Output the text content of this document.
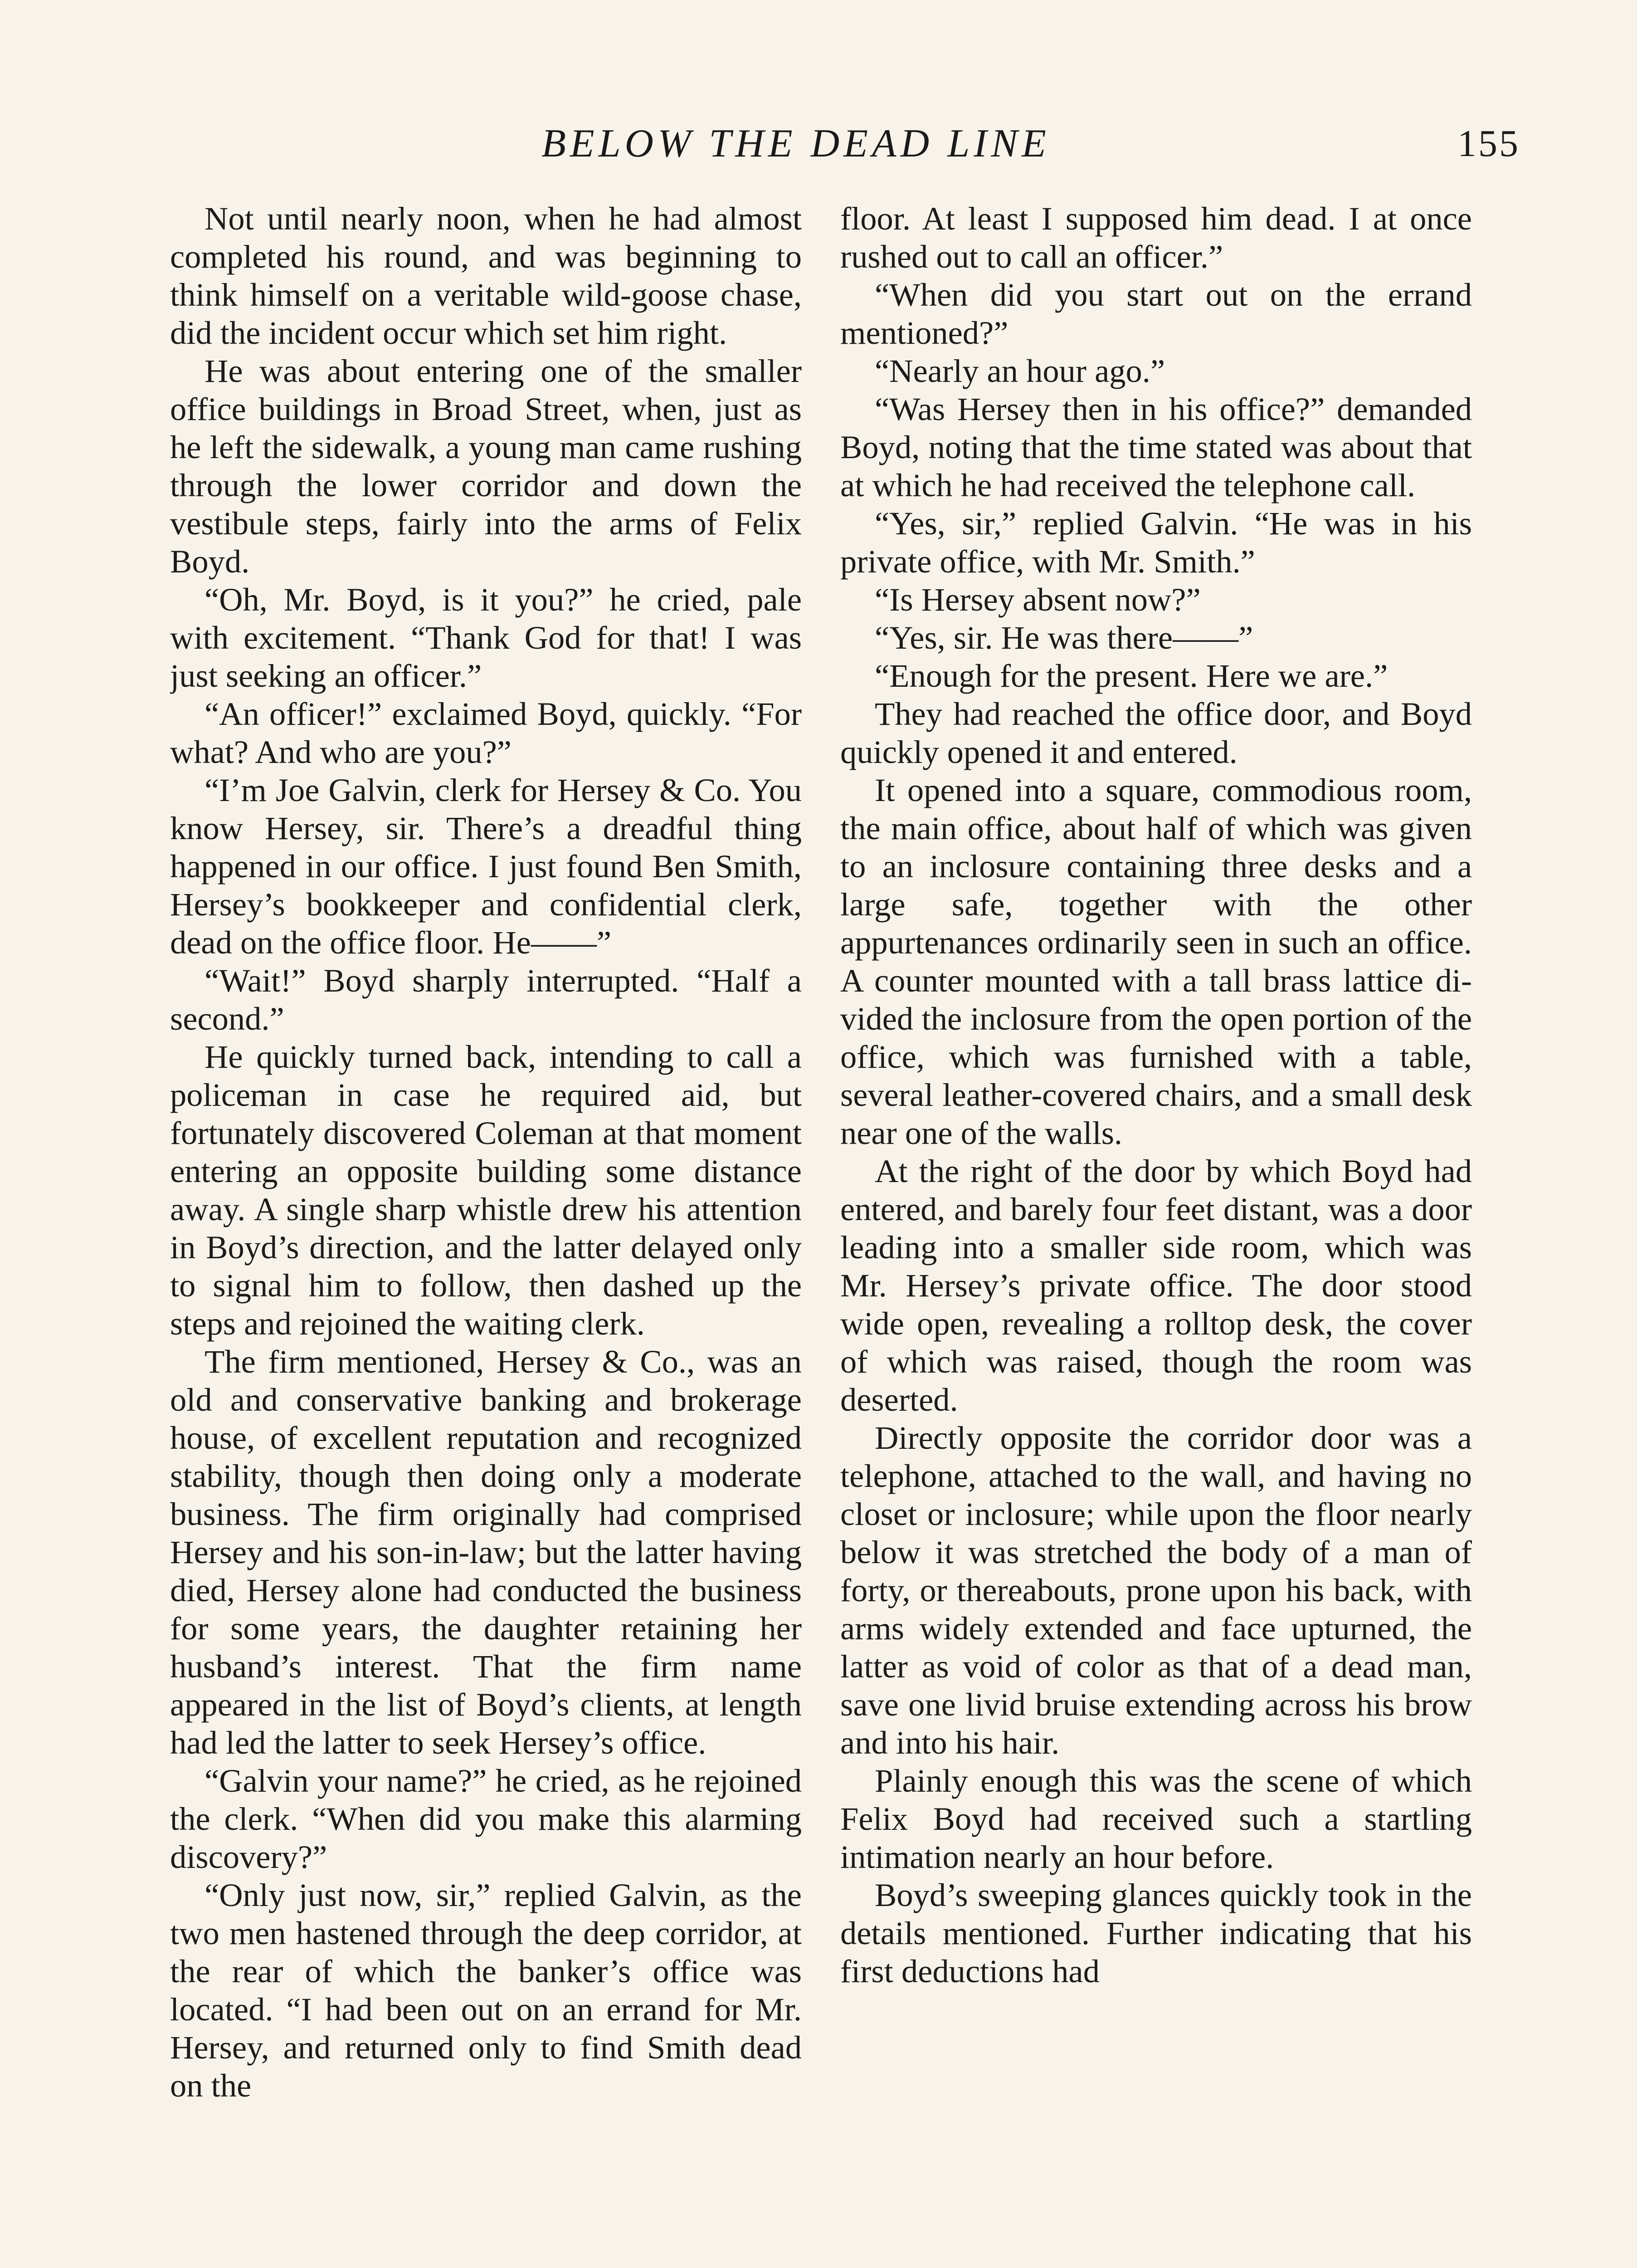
BELOW THE DEAD LINE	155

Not until nearly noon, when he had almost completed his round, and was beginning to think himself on a veritable wild-goose chase, did the incident occur which set him right.

He was about entering one of the smaller office buildings in Broad Street, when, just as he left the sidewalk, a young man came rushing through the lower corridor and down the vestibule steps, fairly into the arms of Felix Boyd.

“Oh, Mr. Boyd, is it you?” he cried, pale with excitement. “Thank God for that! I was just seeking an officer.”

“An officer!” exclaimed Boyd, quickly. “For what? And who are you?”

“I’m Joe Galvin, clerk for Hersey & Co. You know Hersey, sir. There’s a dreadful thing happened in our office. I just found Ben Smith, Hersey’s bookkeeper and confidential clerk, dead on the office floor. He——”

“Wait!” Boyd sharply interrupted. “Half a second.”

He quickly turned back, intending to call a policeman in case he required aid, but fortunately discovered Coleman at that moment entering an opposite building some distance away. A single sharp whistle drew his attention in Boyd’s direction, and the latter delayed only to signal him to follow, then dashed up the steps and rejoined the waiting clerk.

The firm mentioned, Hersey & Co., was an old and conservative banking and brokerage house, of excellent reputation and recognized stability, though then doing only a moderate business. The firm originally had comprised Hersey and his son-in-law; but the latter having died, Hersey alone had conducted the business for some years, the daughter retaining her husband’s interest. That the firm name appeared in the list of Boyd’s clients, at length had led the latter to seek Hersey’s office.

“Galvin your name?” he cried, as he rejoined the clerk. “When did you make this alarming discovery?”

“Only just now, sir,” replied Galvin, as the two men hastened through the deep corridor, at the rear of which the banker’s office was located. “I had been out on an errand for Mr. Hersey, and returned only to find Smith dead on the

floor. At least I supposed him dead. I at once rushed out to call an officer.”

“When did you start out on the errand mentioned?”

“Nearly an hour ago.”

“Was Hersey then in his office?” demanded Boyd, noting that the time stated was about that at which he had received the telephone call.

“Yes, sir,” replied Galvin. “He was in his private office, with Mr. Smith.”

“Is Hersey absent now?”

“Yes, sir. He was there——”

“Enough for the present. Here we are.”

They had reached the office door, and Boyd quickly opened it and entered.

It opened into a square, commodious room, the main office, about half of which was given to an inclosure containing three desks and a large safe, together with the other appurtenances ordinarily seen in such an office. A counter mounted with a tall brass lattice divided the inclosure from the open portion of the office, which was furnished with a table, several leather-covered chairs, and a small desk near one of the walls.

At the right of the door by which Boyd had entered, and barely four feet distant, was a door leading into a smaller side room, which was Mr. Hersey’s private office. The door stood wide open, revealing a rolltop desk, the cover of which was raised, though the room was deserted.

Directly opposite the corridor door was a telephone, attached to the wall, and having no closet or inclosure; while upon the floor nearly below it was stretched the body of a man of forty, or thereabouts, prone upon his back, with arms widely extended and face upturned, the latter as void of color as that of a dead man, save one livid bruise extending across his brow and into his hair.

Plainly enough this was the scene of which Felix Boyd had received such a startling intimation nearly an hour before.

Boyd’s sweeping glances quickly took in the details mentioned. Further indicating that his first deductions had
